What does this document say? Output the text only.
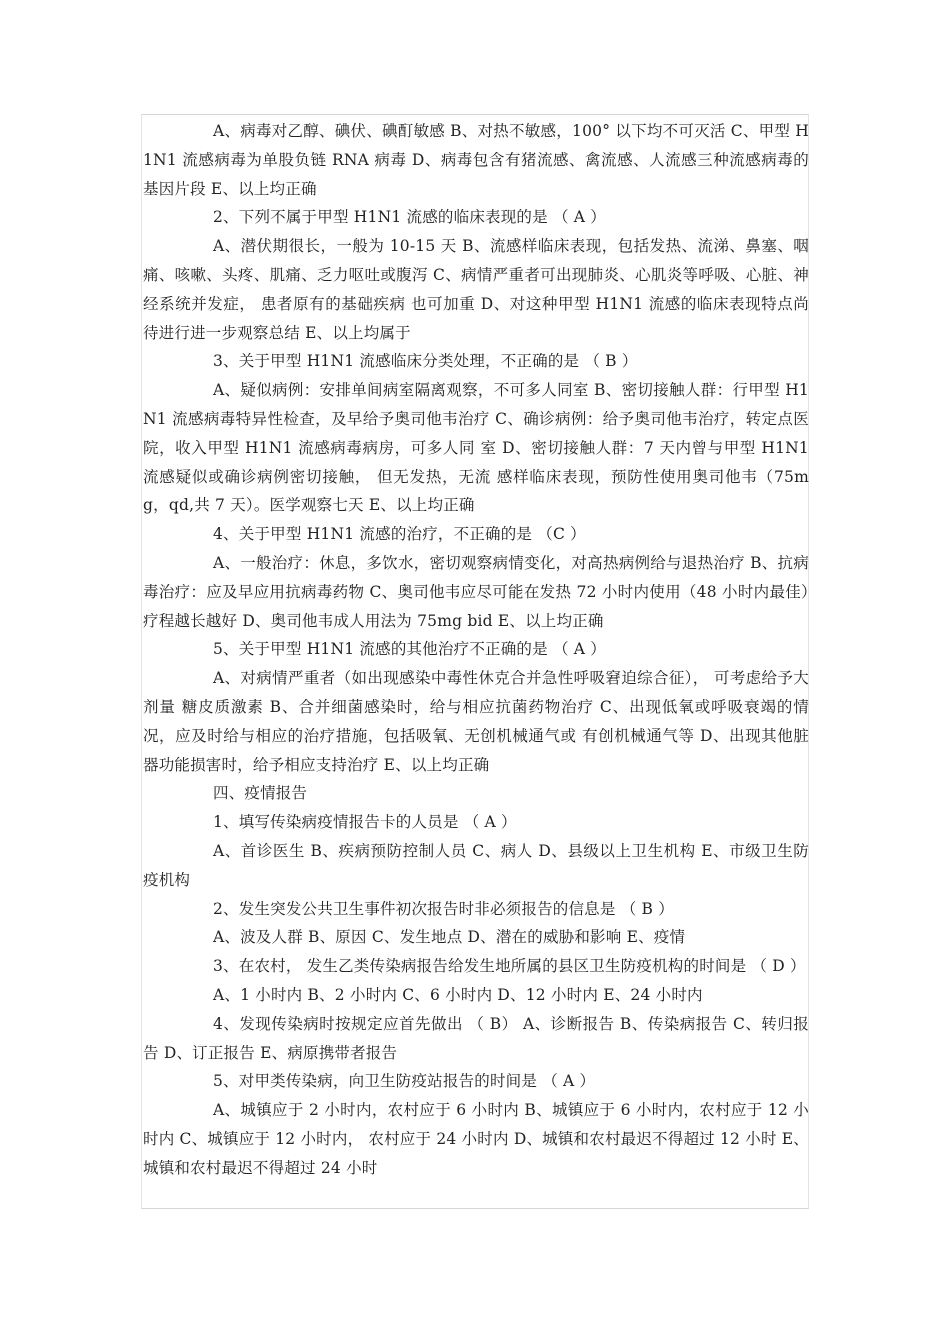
A、病毒对乙醇、碘伏、碘酊敏感 B、对热不敏感，100° 以下均不可灭活 C、甲型 H1N1 流感病毒为单股负链 RNA 病毒 D、病毒包含有猪流感、禽流感、人流感三种流感病毒的基因片段 E、以上均正确

2、下列不属于甲型 H1N1 流感的临床表现的是 （ A ）

A、潜伏期很长，一般为 10-15 天 B、流感样临床表现，包括发热、流涕、鼻塞、咽痛、咳嗽、头疼、肌痛、乏力呕吐或腹泻 C、病情严重者可出现肺炎、心肌炎等呼吸、心脏、神经系统并发症， 患者原有的基础疾病 也可加重 D、对这种甲型 H1N1 流感的临床表现特点尚待进行进一步观察总结 E、以上均属于

3、关于甲型 H1N1 流感临床分类处理，不正确的是 （ B ）

A、疑似病例：安排单间病室隔离观察，不可多人同室 B、密切接触人群：行甲型 H1N1 流感病毒特异性检查，及早给予奥司他韦治疗 C、确诊病例：给予奥司他韦治疗，转定点医院，收入甲型 H1N1 流感病毒病房，可多人同 室 D、密切接触人群：7 天内曾与甲型 H1N1 流感疑似或确诊病例密切接触， 但无发热，无流 感样临床表现，预防性使用奥司他韦（75mg，qd,共 7 天）。医学观察七天 E、以上均正确

4、关于甲型 H1N1 流感的治疗，不正确的是 （C ）

A、一般治疗：休息，多饮水，密切观察病情变化，对高热病例给与退热治疗 B、抗病毒治疗：应及早应用抗病毒药物 C、奥司他韦应尽可能在发热 72 小时内使用（48 小时内最佳）疗程越长越好 D、奥司他韦成人用法为 75mg bid E、以上均正确

5、关于甲型 H1N1 流感的其他治疗不正确的是 （ A ）

A、对病情严重者（如出现感染中毒性休克合并急性呼吸窘迫综合征）， 可考虑给予大剂量 糖皮质激素 B、合并细菌感染时，给与相应抗菌药物治疗 C、出现低氧或呼吸衰竭的情况，应及时给与相应的治疗措施，包括吸氧、无创机械通气或 有创机械通气等 D、出现其他脏器功能损害时，给予相应支持治疗 E、以上均正确

四、疫情报告

1、填写传染病疫情报告卡的人员是 （ A ）

A、首诊医生 B、疾病预防控制人员 C、病人 D、县级以上卫生机构 E、市级卫生防疫机构

2、发生突发公共卫生事件初次报告时非必须报告的信息是 （ B ）

A、波及人群 B、原因 C、发生地点 D、潜在的威胁和影响 E、疫情

3、在农村， 发生乙类传染病报告给发生地所属的县区卫生防疫机构的时间是 （ D ）

A、1 小时内 B、2 小时内 C、6 小时内 D、12 小时内 E、24 小时内

4、发现传染病时按规定应首先做出 （ B） A、诊断报告 B、传染病报告 C、转归报告 D、订正报告 E、病原携带者报告

5、对甲类传染病，向卫生防疫站报告的时间是 （ A ）

A、城镇应于 2 小时内，农村应于 6 小时内 B、城镇应于 6 小时内，农村应于 12 小时内 C、城镇应于 12 小时内， 农村应于 24 小时内 D、城镇和农村最迟不得超过 12 小时 E、城镇和农村最迟不得超过 24 小时
